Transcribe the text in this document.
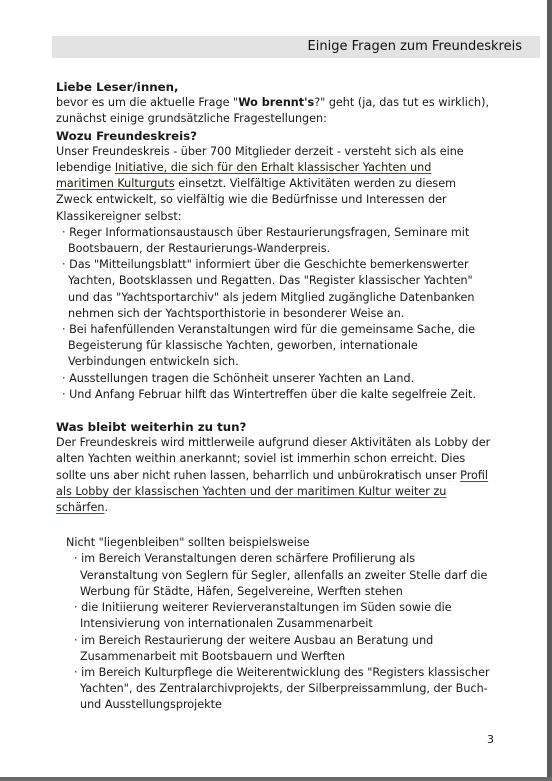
Einige Fragen zum Freundeskreis

Liebe Leser/innen,

bevor es um die aktuelle Frage "Wo brennt's?" geht (ja, das tut es wirklich),

zunächst einige grundsätzliche Fragestellungen:

Wozu Freundeskreis?

Unser Freundeskreis - über 700 Mitglieder derzeit - versteht sich als eine lebendige Initiative, die sich für den Erhalt klassischer Yachten und maritimen Kulturguts einsetzt. Vielfältige Aktivitäten werden zu diesem Zweck entwickelt, so vielfältig wie die Bedürfnisse und Interessen der Klassikereigner selbst:

· Reger Informationsaustausch über Restaurierungsfragen, Seminare mit Bootsbauern, der Restaurierungs-Wanderpreis.

· Das "Mitteilungsblatt" informiert über die Geschichte bemerkenswerter Yachten, Bootsklassen und Regatten. Das "Register klassischer Yachten" und das "Yachtsportarchiv" als jedem Mitglied zugängliche Datenbanken nehmen sich der Yachtsporthistorie in besonderer Weise an.

· Bei hafenfüllenden Veranstaltungen wird für die gemeinsame Sache, die Begeisterung für klassische Yachten, geworben, internationale Verbindungen entwickeln sich.

· Ausstellungen tragen die Schönheit unserer Yachten an Land.

· Und Anfang Februar hilft das Wintertreffen über die kalte segelfreie Zeit.

Was bleibt weiterhin zu tun?

Der Freundeskreis wird mittlerweile aufgrund dieser Aktivitäten als Lobby der alten Yachten weithin anerkannt; soviel ist immerhin schon erreicht. Dies sollte uns aber nicht ruhen lassen, beharrlich und unbürokratisch unser Profil als Lobby der klassischen Yachten und der maritimen Kultur weiter zu schärfen.

Nicht "liegenbleiben" sollten beispielsweise

· im Bereich Veranstaltungen deren schärfere Profilierung als Veranstaltung von Seglern für Segler, allenfalls an zweiter Stelle darf die Werbung für Städte, Häfen, Segelvereine, Werften stehen

· die Initiierung weiterer Revierveranstaltungen im Süden sowie die Intensivierung von internationalen Zusammenarbeit

· im Bereich Restaurierung der weitere Ausbau an Beratung und Zusammenarbeit mit Bootsbauern und Werften

· im Bereich Kulturpflege die Weiterentwicklung des "Registers klassischer Yachten", des Zentralarchivprojekts, der Silberpreissammlung, der Buch- und Ausstellungsprojekte

3
